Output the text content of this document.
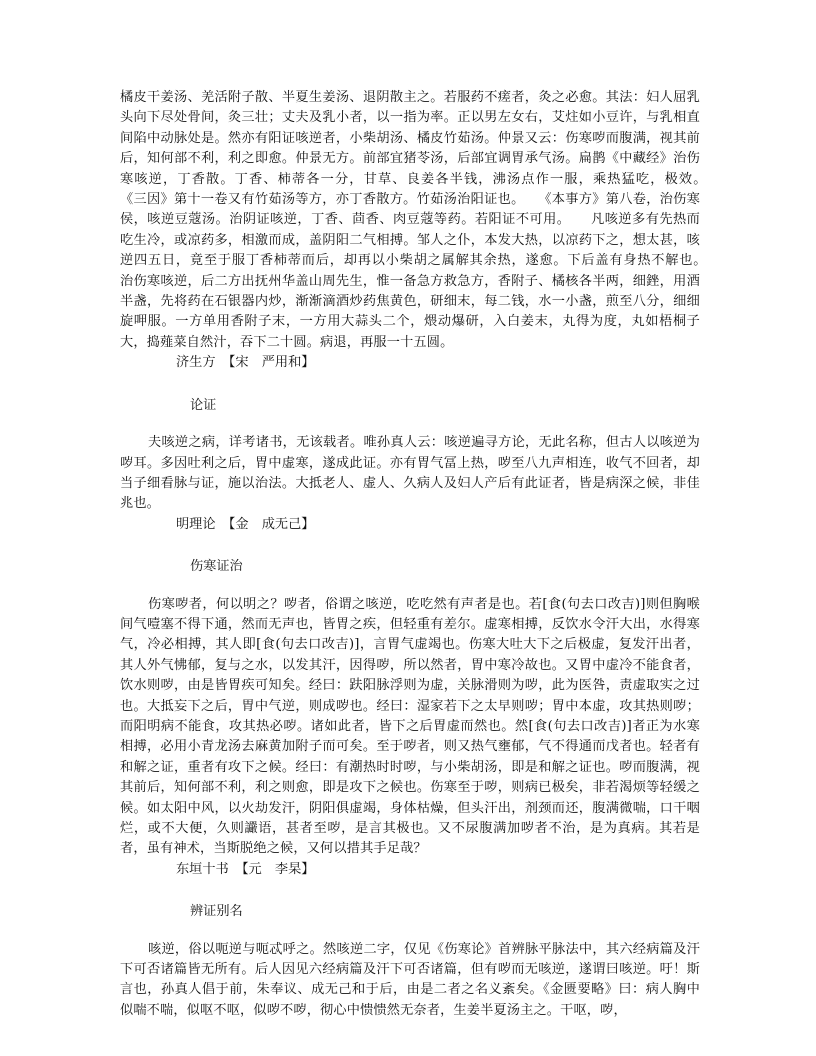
橘皮干姜汤、羌活附子散、半夏生姜汤、退阴散主之。若服药不瘥者，灸之必愈。其法：妇人屈乳头向下尽处骨间，灸三壮；丈夫及乳小者，以一指为率。正以男左女右，艾炷如小豆许，与乳相直间陷中动脉处是。然亦有阳证咳逆者，小柴胡汤、橘皮竹茹汤。仲景又云：伤寒哕而腹满，视其前后，知何部不利，利之即愈。仲景无方。前部宜猪苓汤，后部宜调胃承气汤。扁鹊《中藏经》治伤寒咳逆，丁香散。丁香、柿蒂各一分，甘草、良姜各半钱，沸汤点作一服，乘热猛吃，极效。　　《三因》第十一卷又有竹茹汤等方，亦丁香散方。竹茹汤治阳证也。　　《本事方》第八卷，治伤寒侯，咳逆豆蔻汤。治阴证咳逆，丁香、茴香、肉豆蔻等药。若阳证不可用。　　凡咳逆多有先热而吃生冷，或凉药多，相激而成，盖阴阳二气相搏。邹人之仆，本发大热，以凉药下之，想太甚，咳逆四五日，竟至于服丁香柿蒂而后，却再以小柴胡之属解其余热，遂愈。下后盖有身热不解也。　　治伤寒咳逆，后二方出抚州华盖山周先生，惟一备急方救急方，香附子、橘核各半两，细銼，用酒半盏，先将药在石银器内炒，渐渐滴酒炒药焦黄色，研细末，每二钱，水一小盏，煎至八分，细细旋呷服。一方单用香附子末，一方用大蒜头二个，煨动爆研，入白姜末，丸得为度，丸如梧桐子大，捣薤菜自然汁，吞下二十圆。病退，再服一十五圆。

济生方　【宋　严用和】

论证

夫咳逆之病，详考诸书，无该载者。唯孙真人云：咳逆遍寻方论，无此名称，但古人以咳逆为哕耳。多因吐利之后，胃中虚寒，遂成此证。亦有胃气冨上热，哕至八九声相连，收气不回者，却当子细看脉与证，施以治法。大抵老人、虚人、久病人及妇人产后有此证者，皆是病深之候，非佳兆也。

明理论　【金　成无己】

伤寒证治

伤寒哕者，何以明之？哕者，俗谓之咳逆，吃吃然有声者是也。若[食(句去口改吉)]则但胸喉间气噎塞不得下通，然而无声也，皆胃之疾，但轻重有差尔。虚寒相搏，反饮水令汗大出，水得寒气，冷必相搏，其人即[食(句去口改吉)]，言胃气虚竭也。伤寒大吐大下之后极虚，复发汗出者，其人外气怫郁，复与之水，以发其汗，因得哕，所以然者，胃中寒冷故也。又胃中虚冷不能食者，饮水则哕，由是皆胃疾可知矣。经曰：趺阳脉浮则为虚，关脉滑则为哕，此为医咎，责虚取实之过也。大抵妄下之后，胃中气逆，则成哕也。经曰：湿家若下之太早则哕；胃中本虚，攻其热则哕；而阳明病不能食，攻其热必哕。诸如此者，皆下之后胃虚而然也。然[食(句去口改吉)]者正为水寒相搏，必用小青龙汤去麻黄加附子而可矣。至于哕者，则又热气壅郁，气不得通而戊者也。轻者有和解之证，重者有攻下之候。经曰：有潮热时时哕，与小柴胡汤，即是和解之证也。哕而腹满，视其前后，知何部不利，利之则愈，即是攻下之候也。伤寒至于哕，则病已极矣，非若渴烦等轻缓之候。如太阳中风，以火劫发汗，阴阳俱虚竭，身体枯燥，但头汗出，剂颈而还，腹满微喘，口干咽烂，或不大便，久则讝语，甚者至哕，是言其极也。又不尿腹满加哕者不治，是为真病。其若是者，虽有神术，当斯脱绝之候，又何以措其手足哉？

东垣十书　【元　李杲】

辨证别名

咳逆，俗以呃逆与呃忒呼之。然咳逆二字，仅见《伤寒论》首辨脉平脉法中，其六经病篇及汗下可否诸篇皆无所有。后人因见六经病篇及汗下可否诸篇，但有哕而无咳逆，遂谓曰咳逆。吁！斯言也，孙真人倡于前，朱奉议、成无己和于后，由是二者之名义紊矣。《金匮要略》曰：病人胸中似喘不喘，似呕不呕，似哕不哕，彻心中愦愦然无奈者，生姜半夏汤主之。干呕，哕，
